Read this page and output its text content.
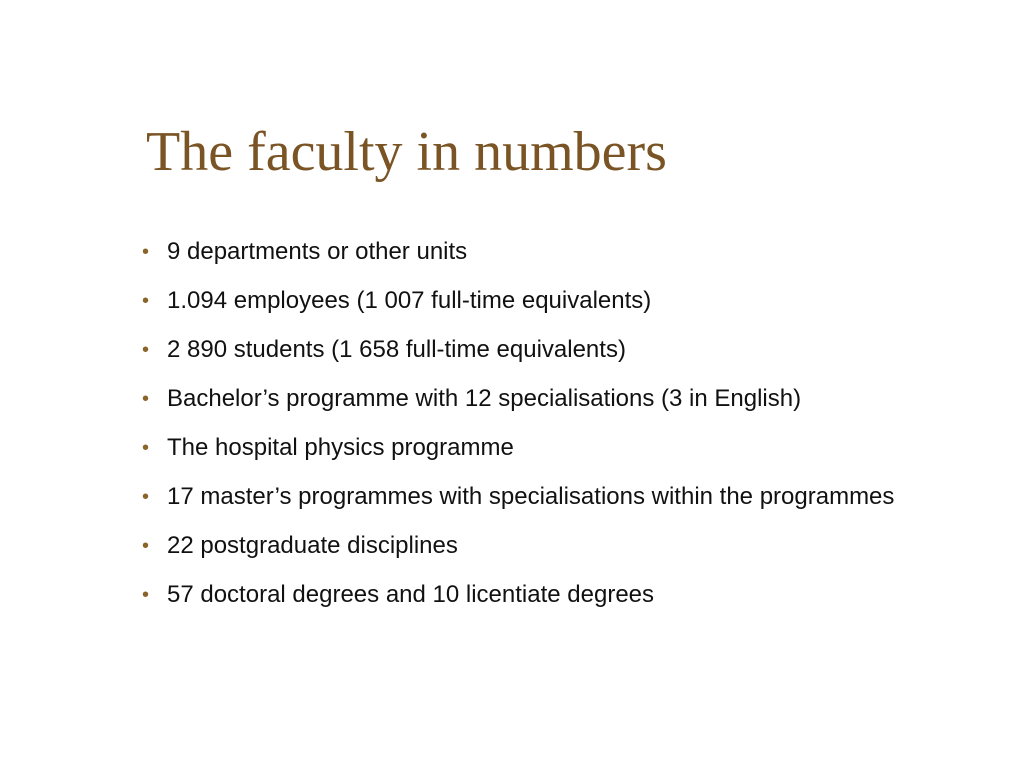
The faculty in numbers
• 9 departments or other units
• 1.094 employees (1 007 full-time equivalents)
• 2 890 students (1 658 full-time equivalents)
• Bachelor’s programme with 12 specialisations (3 in English)
• The hospital physics programme
• 17 master’s programmes with specialisations within the programmes
• 22 postgraduate disciplines
• 57 doctoral degrees and 10 licentiate degrees
